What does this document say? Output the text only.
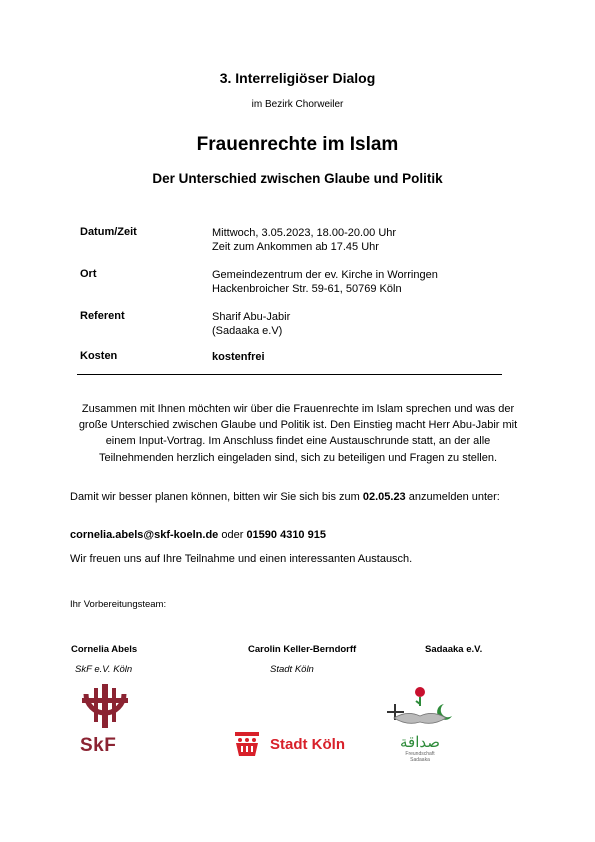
3. Interreligiöser Dialog
im Bezirk Chorweiler
Frauenrechte im Islam
Der Unterschied zwischen Glaube und Politik
Datum/Zeit	Mittwoch, 3.05.2023, 18.00-20.00 Uhr
Zeit zum Ankommen ab 17.45 Uhr
Ort	Gemeindezentrum der ev. Kirche in Worringen
Hackenbroicher Str. 59-61, 50769 Köln
Referent	Sharif Abu-Jabir
(Sadaaka e.V)
Kosten	kostenfrei
Zusammen mit Ihnen möchten wir über die Frauenrechte im Islam sprechen und was der große Unterschied zwischen Glaube und Politik ist. Den Einstieg macht Herr Abu-Jabir mit einem Input-Vortrag. Im Anschluss findet eine Austauschrunde statt, an der alle Teilnehmenden herzlich eingeladen sind, sich zu beteiligen und Fragen zu stellen.
Damit wir besser planen können, bitten wir Sie sich bis zum 02.05.23 anzumelden unter:
cornelia.abels@skf-koeln.de oder 01590 4310 915
Wir freuen uns auf Ihre Teilnahme und einen interessanten Austausch.
Ihr Vorbereitungsteam:
Cornelia Abels
SkF e.V. Köln
Carolin Keller-Berndorff
Stadt Köln
Sadaaka e.V.
SkF	Stadt Köln	صداقة
Freundschaft
Sadaaka
